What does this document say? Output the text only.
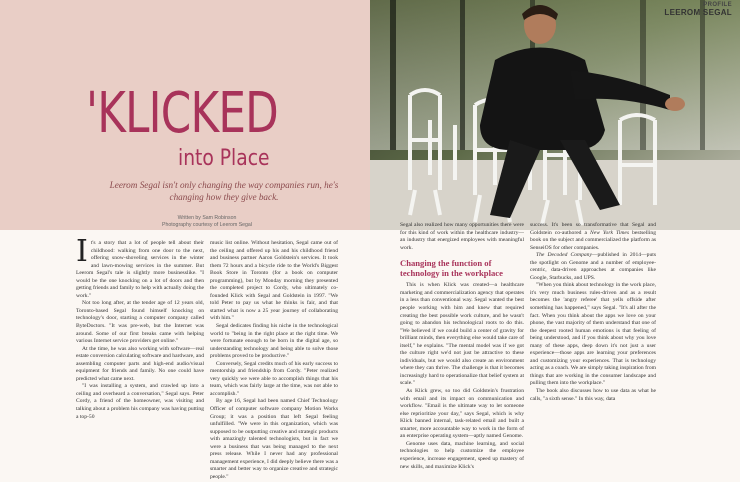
PROFILE
LEEROM SEGAL
'KLICKED
into Place
Leerom Segal isn't only changing the way companies run, he's changing how they give back.
Written by Sam Robinson
Photography courtesy of Leerom Segal

It's a story that a lot of people tell about their childhood: walking from one door to the next, offering snow-shoveling services in the winter and lawn-mowing services in the summer. But Leerom Segal's tale is slightly more businesslike. "I would be the one knocking on a lot of doors and then getting friends and family to help with actually doing the work."

Not too long after, at the tender age of 12 years old, Toronto-based Segal found himself knocking on technology's door, starting a computer company called ByteDoctors. "It was pre-web, but the Internet was around. Some of our first breaks came with helping various Internet service providers get online."

At the time, he was also working with software—real estate conversion calculating software and hardware, and assembling computer parts and high-end audio/visual equipment for friends and family. No one could have predicted what came next.

"I was installing a system, and crawled up into a ceiling and overheard a conversation," Segal says. Peter Cordy, a friend of the homeowner, was visiting and talking about a problem his company was having putting a top-50

music list online. Without hesitation, Segal came out of the ceiling and offered up his and his childhood friend and business partner Aaron Goldstein's services. It took them 72 hours and a bicycle ride to the World's Biggest Book Store in Toronto (for a book on computer programming), but by Monday morning they presented the completed project to Cordy, who ultimately co-founded Klick with Segal and Goldstein in 1997. "We told Peter to pay us what he thinks is fair, and that started what is now a 25 year journey of collaborating with him."

Segal dedicates finding his niche in the technological world to "being in the right place at the right time. We were fortunate enough to be born in the digital age, so understanding technology and being able to solve those problems proved to be productive."

Conversely, Segal credits much of his early success to mentorship and friendship from Cordy. "Peter realized very quickly we were able to accomplish things that his team, which was fairly large at the time, was not able to accomplish."

By age 16, Segal had been named Chief Technology Officer of computer software company Motion Works Group; it was a position that left Segal feeling unfulfilled. "We were in this organization, which was supposed to be outputting creative and strategic products with amazingly talented technologists, but in fact we were a business that was being managed to the next press release. While I never had any professional management experience, I did deeply believe there was a smarter and better way to organize creative and strategic people."

Segal also realized how many opportunities there were for this kind of work within the healthcare industry—an industry that energized employees with meaningful work.

Changing the function of technology in the workplace

This is when Klick was created—a healthcare marketing and commercialization agency that operates in a less than conventional way. Segal wanted the best people working with him and knew that required creating the best possible work culture, and he wasn't going to abandon his technological roots to do this. "We believed if we could build a center of gravity for brilliant minds, then everything else would take care of itself," he explains. "The mental model was if we got the culture right we'd not just be attractive to these individuals, but we would also create an environment where they can thrive. The challenge is that it becomes increasingly hard to operationalize that belief system at scale."

As Klick grew, so too did Goldstein's frustration with email and its impact on communication and workflow. "Email is the ultimate way to let someone else reprioritize your day," says Segal, which is why Klick banned internal, task-related email and built a smarter, more accountable way to work in the form of an enterprise operating system—aptly named Genome.

Genome uses data, machine learning, and social technologies to help customize the employee experience, increase engagement, speed up mastery of new skills, and maximize Klick's

success. It's been so transformative that Segal and Goldstein co-authored a New York Times bestselling book on the subject and commercialized the platform as SenseiOS for other companies.

The Decoded Company—published in 2014—puts the spotlight on Genome and a number of employee-centric, data-driven approaches at companies like Google, Starbucks, and UPS.

"When you think about technology in the work place, it's very much business rules-driven and as a result becomes the 'angry referee' that yells offside after something has happened," says Segal. "It's all after the fact. When you think about the apps we love on your phone, the vast majority of them understand that one of the deepest rooted human emotions is that feeling of being understood, and if you think about why you love many of these apps, deep down it's not just a user experience—those apps are learning your preferences and customizing your experiences. That is technology acting as a coach. We are simply taking inspiration from things that are working in the consumer landscape and pulling them into the workplace."

The book also discusses how to use data as what he calls, "a sixth sense." In this way, data
